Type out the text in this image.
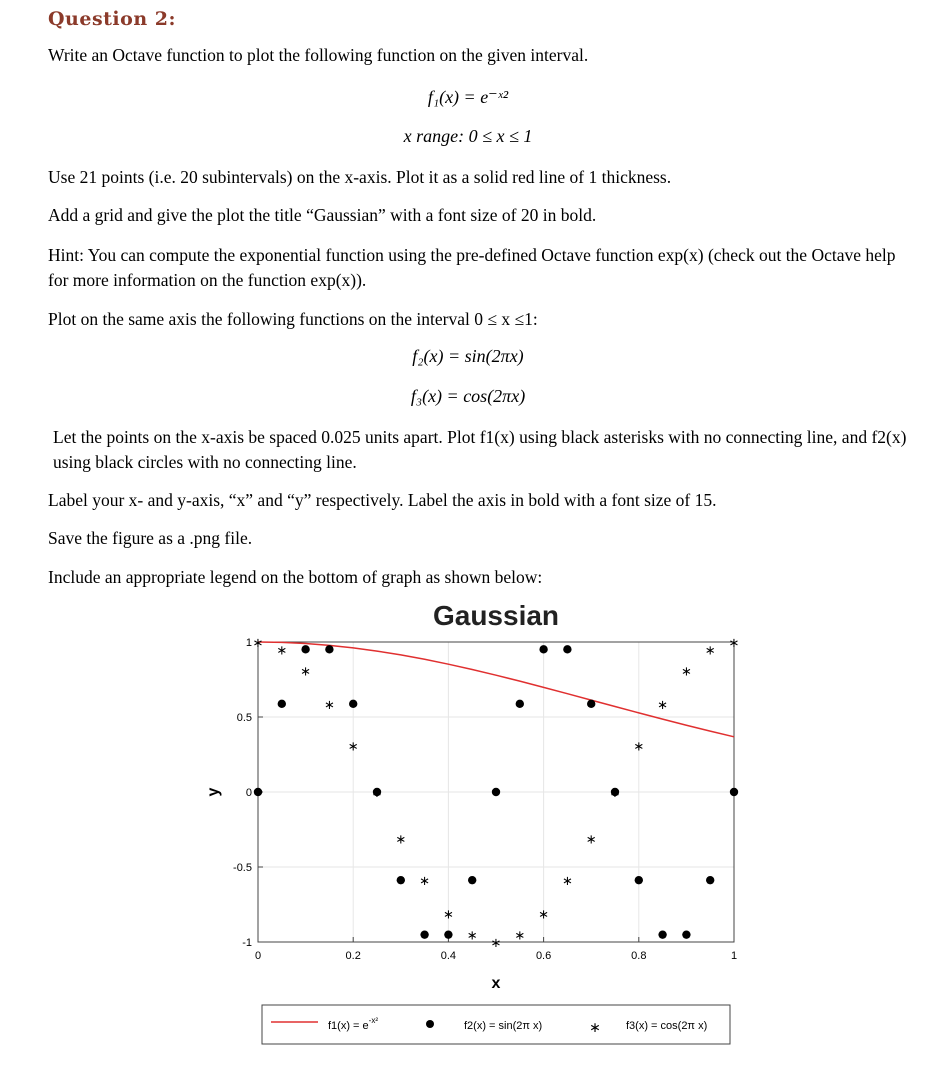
Question 2:

Write an Octave function to plot the following function on the given interval.

f₁(x) = e⁻ˣ²

x range: 0 ≤ x ≤ 1

Use 21 points (i.e. 20 subintervals) on the x-axis. Plot it as a solid red line of 1 thickness.

Add a grid and give the plot the title “Gaussian” with a font size of 20 in bold.

Hint: You can compute the exponential function using the pre-defined Octave function exp(x) (check out the Octave help for more information on the function exp(x)).

Plot on the same axis the following functions on the interval 0 ≤ x ≤1:

f₂(x) = sin(2πx)

f₃(x) = cos(2πx)

Let the points on the x-axis be spaced 0.025 units apart. Plot f1(x) using black asterisks with no connecting line, and f2(x) using black circles with no connecting line.

Label your x- and y-axis, “x” and “y” respectively. Label the axis in bold with a font size of 15.

Save the figure as a .png file.

Include an appropriate legend on the bottom of graph as shown below:

Gaussian
0	0.2	0.4	0.6	0.8	1
-1
-0.5
0
0.5
1 ∗ ∗
∗
∗
∗
∗
∗
∗
∗
∗ ∗ ∗
∗
∗
∗
∗
∗
∗
∗
∗ ∗
x
y
$f1(x) = e^{-x^2}$	f2(x) = sin(2π x)	∗ f3(x) = cos(2π x)
